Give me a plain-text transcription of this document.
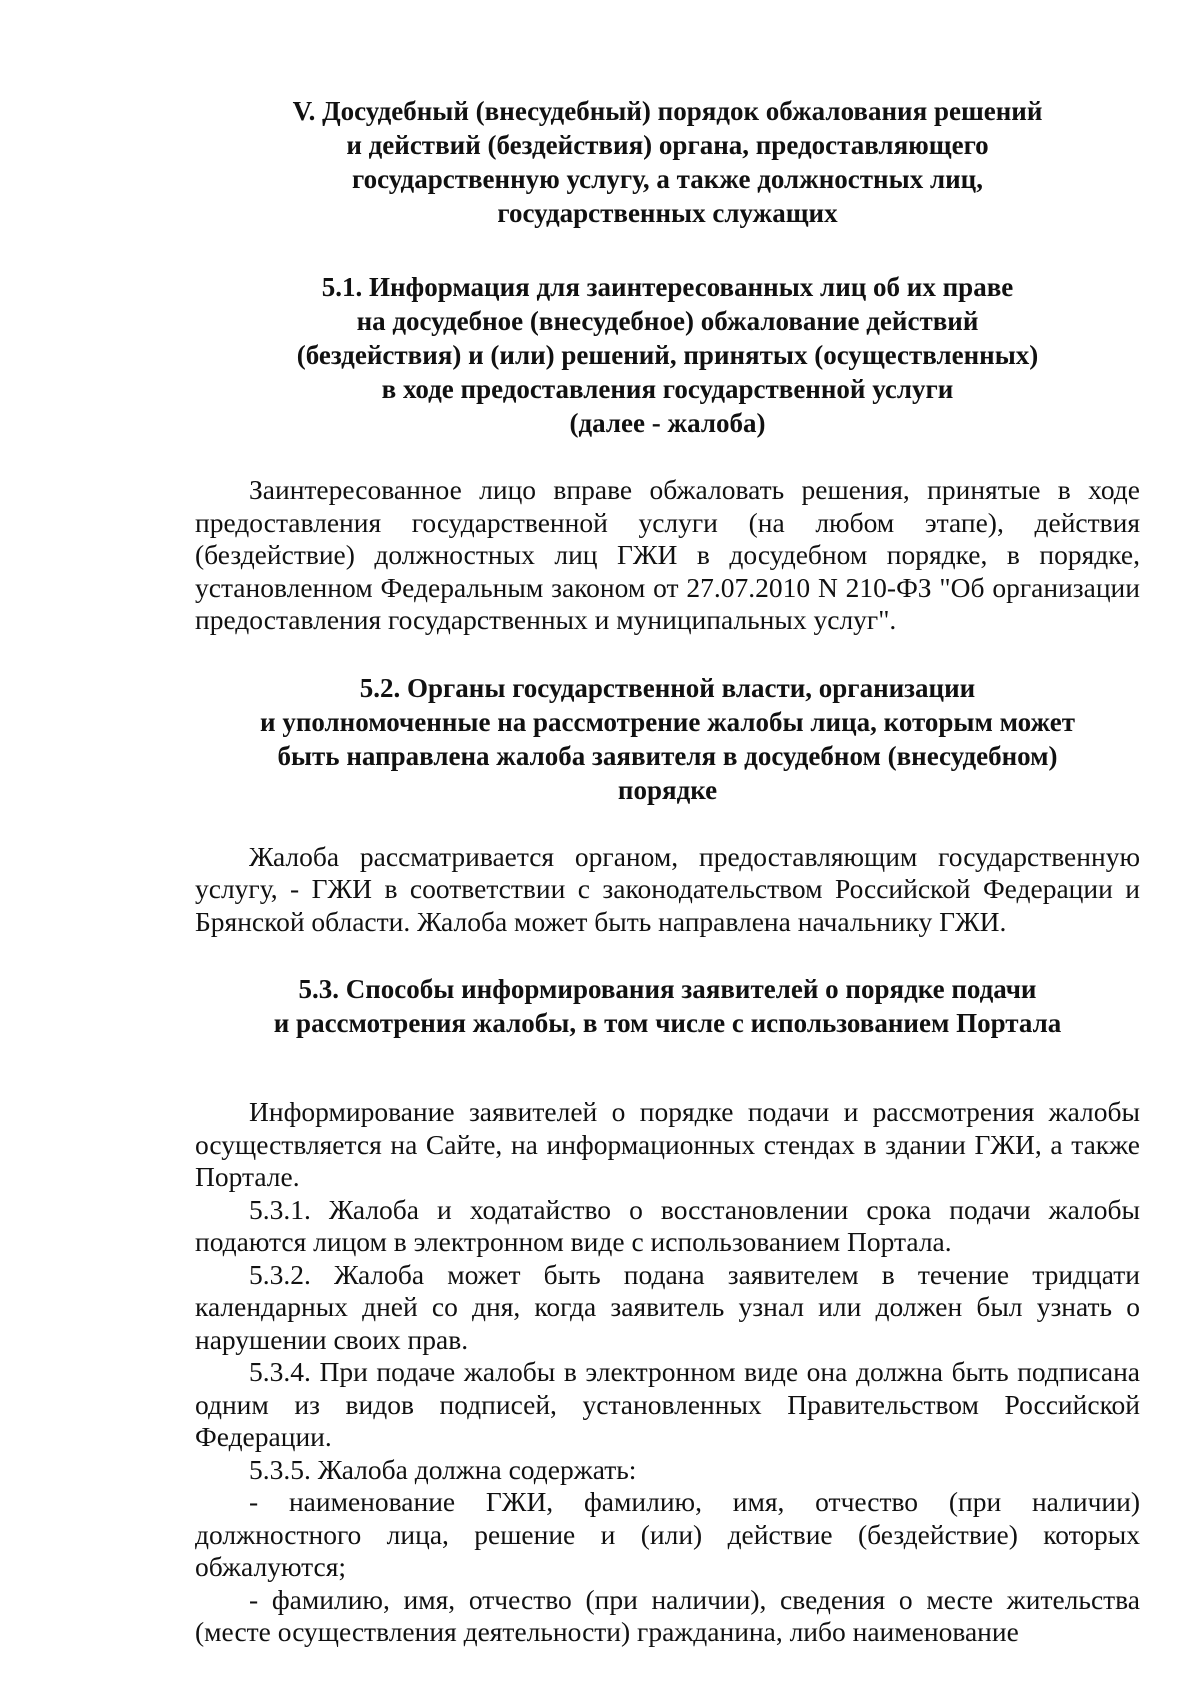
V. Досудебный (внесудебный) порядок обжалования решений
и действий (бездействия) органа, предоставляющего
государственную услугу, а также должностных лиц,
государственных служащих
5.1. Информация для заинтересованных лиц об их праве
на досудебное (внесудебное) обжалование действий
(бездействия) и (или) решений, принятых (осуществленных)
в ходе предоставления государственной услуги
(далее - жалоба)

Заинтересованное лицо вправе обжаловать решения, принятые в ходе предоставления государственной услуги (на любом этапе), действия (бездействие) должностных лиц ГЖИ в досудебном порядке, в порядке, установленном Федеральным законом от 27.07.2010 N 210-ФЗ "Об организации предоставления государственных и муниципальных услуг".

5.2. Органы государственной власти, организации
и уполномоченные на рассмотрение жалобы лица, которым может
быть направлена жалоба заявителя в досудебном (внесудебном)
порядке

Жалоба рассматривается органом, предоставляющим государственную услугу, - ГЖИ в соответствии с законодательством Российской Федерации и Брянской области. Жалоба может быть направлена начальнику ГЖИ.

5.3. Способы информирования заявителей о порядке подачи
и рассмотрения жалобы, в том числе с использованием Портала

Информирование заявителей о порядке подачи и рассмотрения жалобы осуществляется на Сайте, на информационных стендах в здании ГЖИ, а также Портале.

5.3.1. Жалоба и ходатайство о восстановлении срока подачи жалобы подаются лицом в электронном виде с использованием Портала.

5.3.2. Жалоба может быть подана заявителем в течение тридцати календарных дней со дня, когда заявитель узнал или должен был узнать о нарушении своих прав.

5.3.4. При подаче жалобы в электронном виде она должна быть подписана одним из видов подписей, установленных Правительством Российской Федерации.

5.3.5. Жалоба должна содержать:

- наименование ГЖИ, фамилию, имя, отчество (при наличии) должностного лица, решение и (или) действие (бездействие) которых обжалуются;

- фамилию, имя, отчество (при наличии), сведения о месте жительства (месте осуществления деятельности) гражданина, либо наименование
